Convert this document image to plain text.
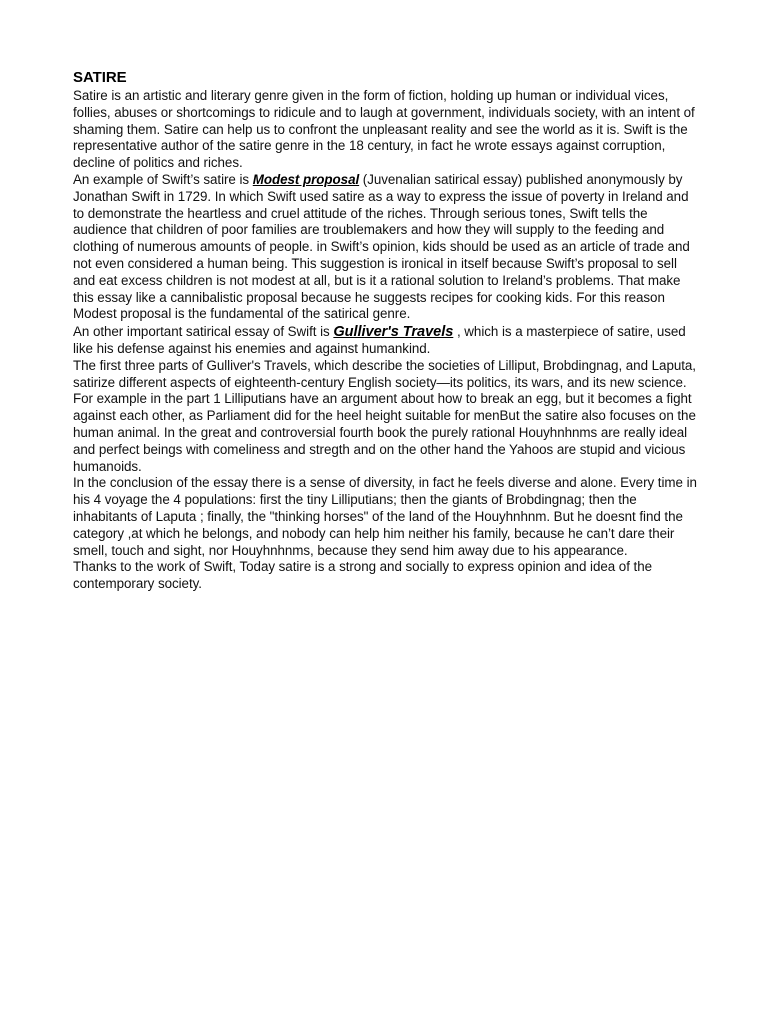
SATIRE

Satire is an artistic and literary genre given in the form of fiction, holding up human or individual vices, follies, abuses or shortcomings to ridicule and to laugh at government, individuals society, with an intent of shaming them. Satire can help us to confront the unpleasant reality and see the world as it is. Swift is the representative author of the satire genre in the 18 century, in fact he wrote essays against corruption, decline of politics and riches.

An example of Swift’s satire is Modest proposal (Juvenalian satirical essay) published anonymously by Jonathan Swift in 1729. In which Swift used satire as a way to express the issue of poverty in Ireland and to demonstrate the heartless and cruel attitude of the riches. Through serious tones, Swift tells the audience that children of poor families are troublemakers and how they will supply to the feeding and clothing of numerous amounts of people. in Swift’s opinion, kids should be used as an article of trade and not even considered a human being. This suggestion is ironical in itself because Swift’s proposal to sell and eat excess children is not modest at all, but is it a rational solution to Ireland’s problems. That make this essay like a cannibalistic proposal because he suggests recipes for cooking kids. For this reason Modest proposal is the fundamental of the satirical genre.

An other important satirical essay of Swift is Gulliver's Travels , which is a masterpiece of satire, used like his defense against his enemies and against humankind.

The first three parts of Gulliver's Travels, which describe the societies of Lilliput, Brobdingnag, and Laputa, satirize different aspects of eighteenth-century English society—its politics, its wars, and its new science. For example in the part 1 Lilliputians have an argument about how to break an egg, but it becomes a fight against each other, as Parliament did for the heel height suitable for menBut the satire also focuses on the human animal. In the great and controversial fourth book the purely rational Houyhnhnms are really ideal and perfect beings with comeliness and stregth and on the other hand the Yahoos are stupid and vicious humanoids.

In the conclusion of the essay there is a sense of diversity, in fact he feels diverse and alone. Every time in his 4 voyage the 4 populations: first the tiny Lilliputians; then the giants of Brobdingnag; then the inhabitants of Laputa ; finally, the "thinking horses" of the land of the Houyhnhnm. But he doesnt find the category ,at which he belongs, and nobody can help him neither his family, because he can’t dare their smell, touch and sight, nor Houyhnhnms, because they send him away due to his appearance.

Thanks to the work of Swift, Today satire is a strong and socially to express opinion and idea of the contemporary society.
